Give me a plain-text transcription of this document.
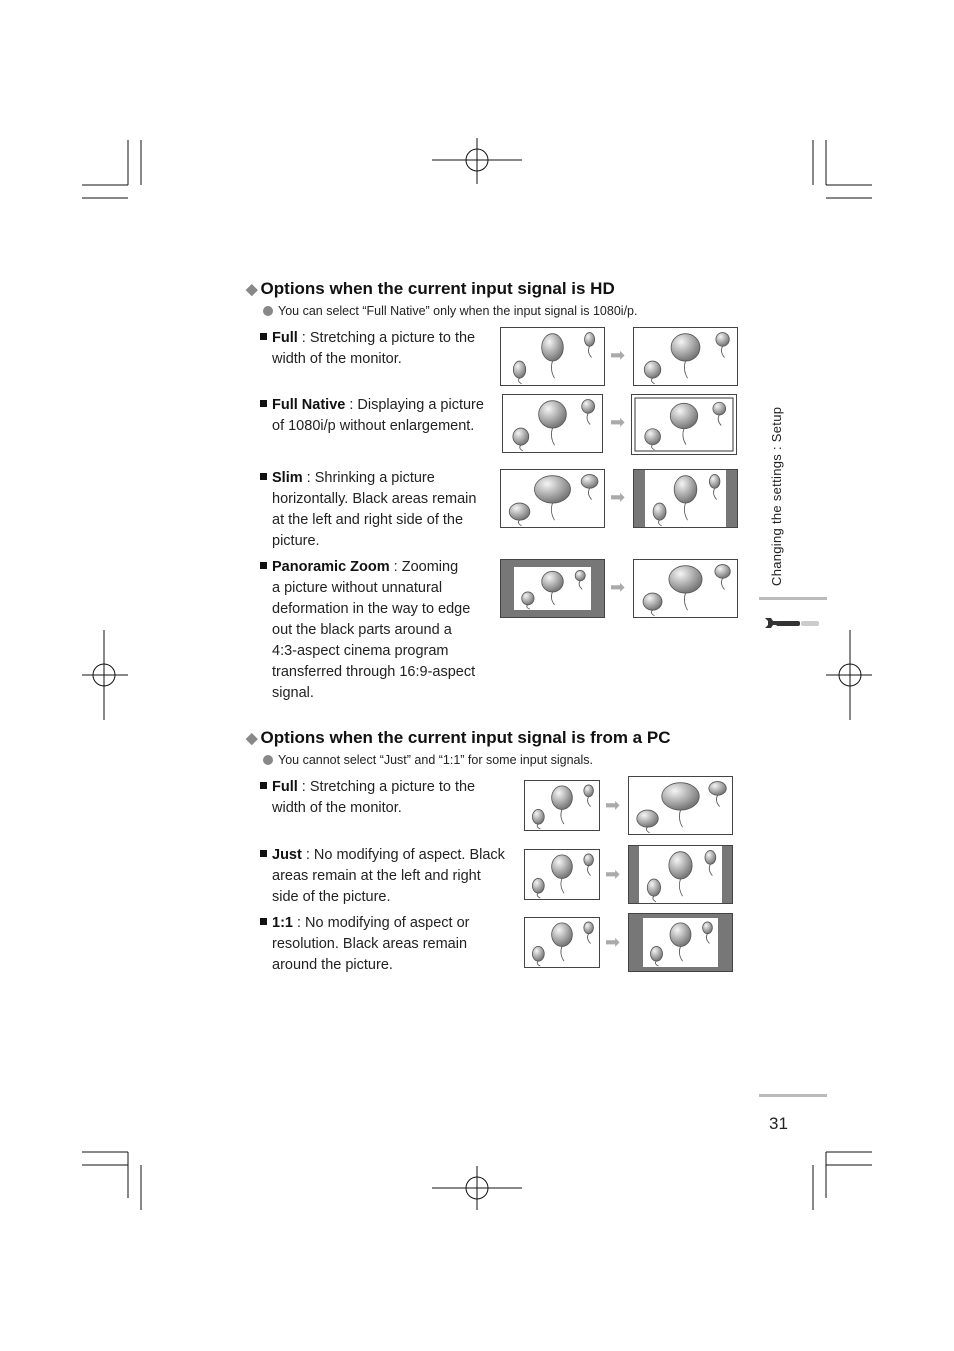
◆ Options when the current input signal is HD
You can select “Full Native” only when the input signal is 1080i/p.
Full : Stretching a picture to the
width of the monitor.
Full Native : Displaying a picture
of 1080i/p without enlargement.
Slim : Shrinking a picture
horizontally. Black areas remain
at the left and right side of the
picture.
Panoramic Zoom : Zooming
a picture without unnatural
deformation in the way to edge
out the black parts around a
4:3-aspect cinema program
transferred through 16:9-aspect
signal.
◆ Options when the current input signal is from a PC
You cannot select “Just” and “1:1” for some input signals.
Full : Stretching a picture to the
width of the monitor.
Just : No modifying of aspect. Black
areas remain at the left and right
side of the picture.
1:1 : No modifying of aspect or
resolution. Black areas remain
around the picture.
➡
➡
➡
➡
➡
➡
➡
Changing the settings : Setup
31
